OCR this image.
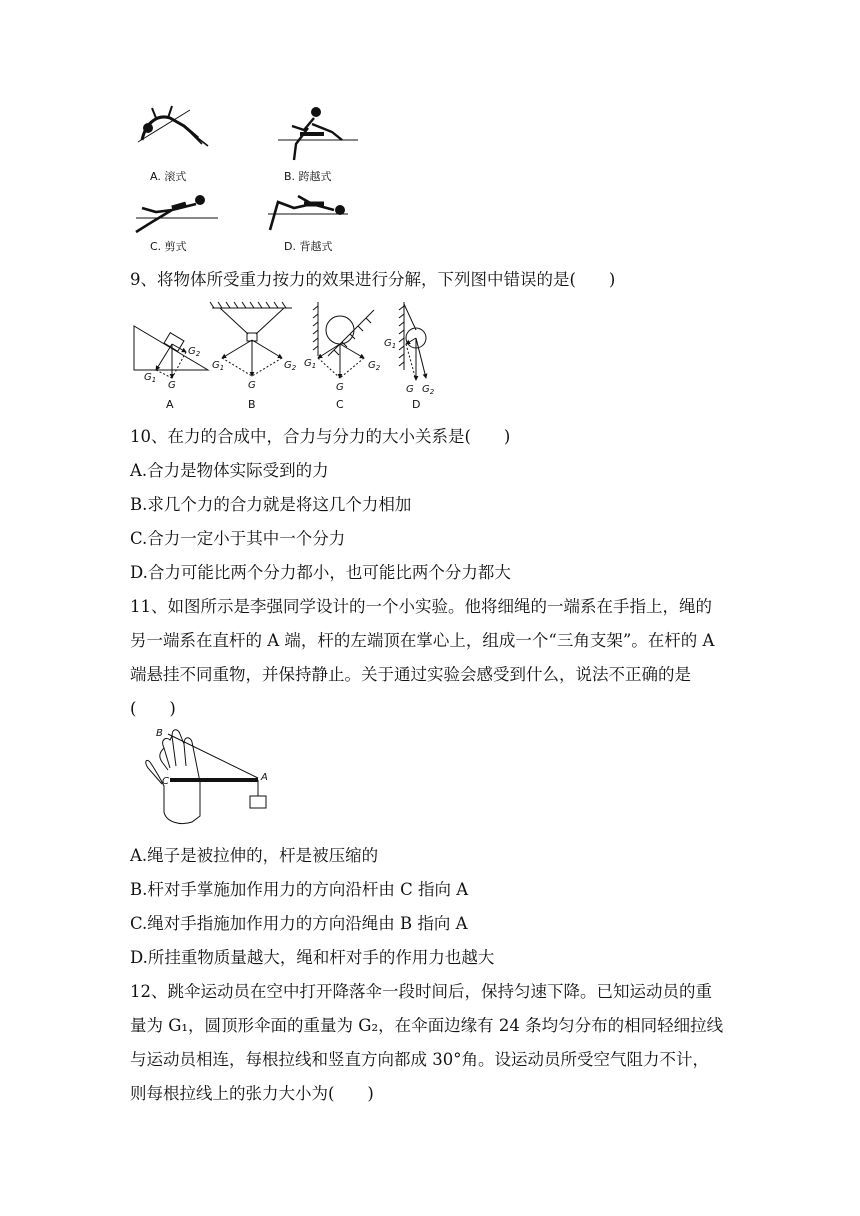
A. 滚式	B. 跨越式
C. 剪式	D. 背越式
9、将物体所受重力按力的效果进行分解，下列图中错误的是(　　)
$G_2$
$G_1$ G
A
$G_1$	$G_2$
G
B
$G_1$	$G_2$
G
C
$G_1$
G $G_2$
D
10、在力的合成中，合力与分力的大小关系是(　　)
A.合力是物体实际受到的力
B.求几个力的合力就是将这几个力相加
C.合力一定小于其中一个分力
D.合力可能比两个分力都小，也可能比两个分力都大
11、如图所示是李强同学设计的一个小实验。他将细绳的一端系在手指上，绳的
另一端系在直杆的 A 端，杆的左端顶在掌心上，组成一个“三角支架”。在杆的 A
端悬挂不同重物，并保持静止。关于通过实验会感受到什么，说法不正确的是
(　　)
B
C	A
A.绳子是被拉伸的，杆是被压缩的
B.杆对手掌施加作用力的方向沿杆由 C 指向 A
C.绳对手指施加作用力的方向沿绳由 B 指向 A
D.所挂重物质量越大，绳和杆对手的作用力也越大
12、跳伞运动员在空中打开降落伞一段时间后，保持匀速下降。已知运动员的重
量为 G₁，圆顶形伞面的重量为 G₂，在伞面边缘有 24 条均匀分布的相同轻细拉线
与运动员相连，每根拉线和竖直方向都成 30°角。设运动员所受空气阻力不计，
则每根拉线上的张力大小为(　　)
